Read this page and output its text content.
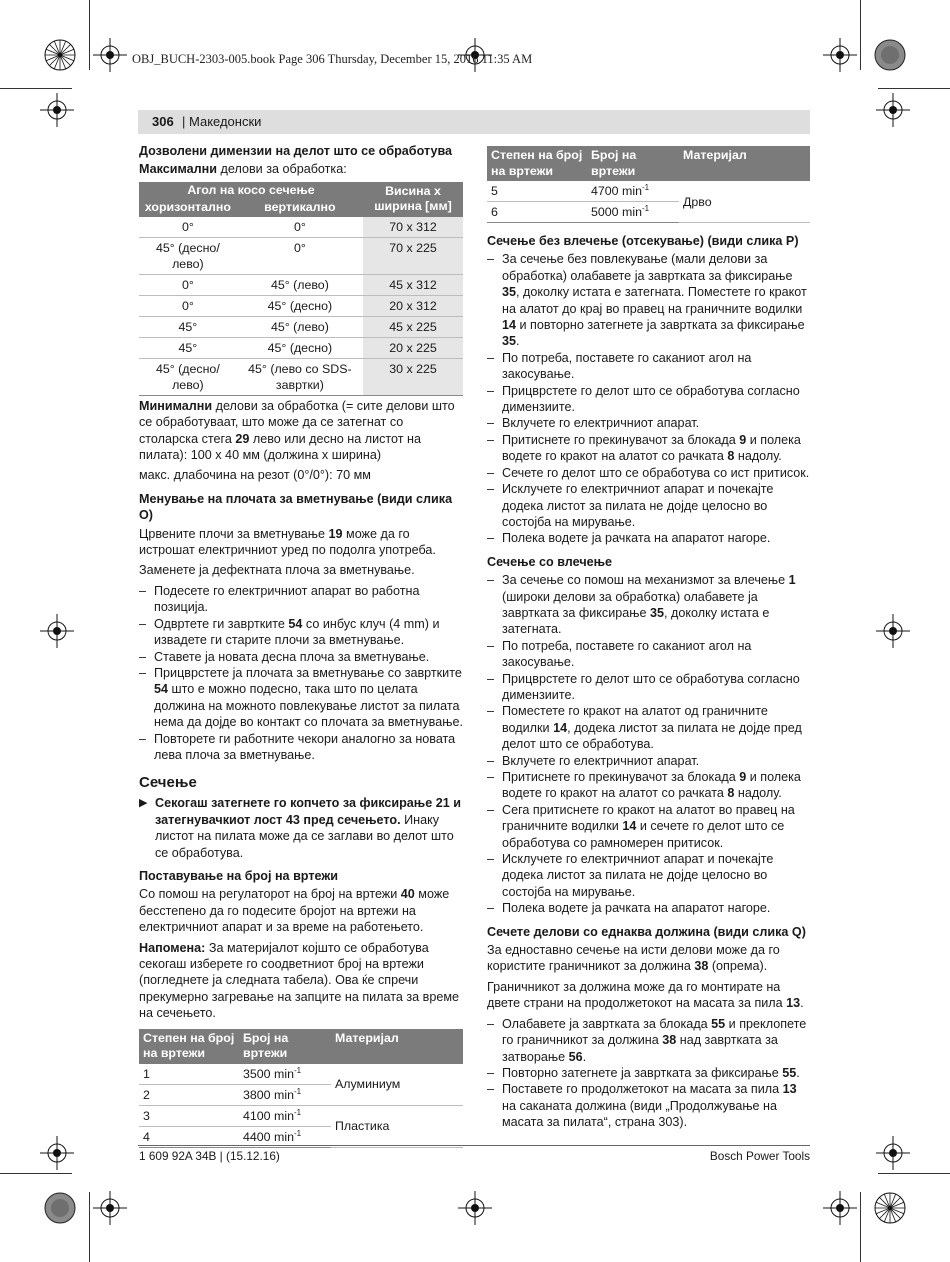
OBJ_BUCH-2303-005.book Page 306 Thursday, December 15, 2016 11:35 AM
306 | Македонски
Дозволени димензии на делот што се обработува

Максимални делови за обработка:

Агол на косо сечење		Висина x ширина [мм]
хоризонтално	вертикално	
0°	0°	70 x 312
45° (десно/лево)	0°	70 x 225
0°	45° (лево)	45 x 312
0°	45° (десно)	20 x 312
45°	45° (лево)	45 x 225
45°	45° (десно)	20 x 225
45° (десно/лево)	45° (лево со SDS-завртки)	30 x 225

Минимални делови за обработка (= сите делови што се обработуваат, што може да се затегнат со столарска стега 29 лево или десно на листот на пилата): 100 x 40 мм (должина x ширина)

макс. длабочина на резот (0°/0°): 70 мм

Менување на плочата за вметнување (види слика O)

Црвените плочи за вметнување 19 може да го истрошат електричниот уред по подолга употреба.

Заменете ја дефектната плоча за вметнување.

– Подесете го електричниот апарат во работна позиција.
– Одвртете ги завртките 54 со инбус клуч (4 mm) и извадете ги старите плочи за вметнување.
– Ставете ја новата десна плоча за вметнување.
– Прицврстете ја плочата за вметнување со завртките 54 што е можно подесно, така што по целата должина на можното повлекување листот за пилата нема да дојде во контакт со плочата за вметнување.
– Повторете ги работните чекори аналогно за новата лева плоча за вметнување.
Сечење
▶ Секогаш затегнете го копчето за фиксирање 21 и затегнувачкиот лост 43 пред сечењето. Инаку листот на пилата може да се заглави во делот што се обработува.
Поставување на број на вртежи

Со помош на регулаторот на број на вртежи 40 може бесстепено да го подесите бројот на вртежи на електричниот апарат и за време на работењето.

Напомена: За материјалот којшто се обработува секогаш изберете го соодветниот број на вртежи (погледнете ја следната табела). Ова ќе спречи прекумерно загревање на запците на пилата за време на сечењето.

Степен на број на вртежи	Број на вртежи	Материјал
1	3500 $\min^{-1}$	Алуминиум
2	3800 $\min^{-1}$
3	4100 $\min^{-1}$	Пластика
4	4400 $\min^{-1}$
Степен на број на вртежи	Број на вртежи	Материјал
5	4700 $\min^{-1}$	Дрво
6	5000 $\min^{-1}$
Сечење без влечење (отсекување) (види слика P)
– За сечење без повлекување (мали делови за обработка) олабавете ја завртката за фиксирање 35, доколку истата е затегната. Поместете го кракот на алатот до крај во правец на граничните водилки 14 и повторно затегнете ја завртката за фиксирање 35.
– По потреба, поставете го саканиот агол на закосување.
– Прицврстете го делот што се обработува согласно димензиите.
– Вклучете го електричниот апарат.
– Притиснете го прекинувачот за блокада 9 и полека водете го кракот на алатот со рачката 8 надолу.
– Сечете го делот што се обработува со ист притисок.
– Исклучете го електричниот апарат и почекајте додека листот за пилата не дојде целосно во состојба на мирување.
– Полека водете ја рачката на апаратот нагоре.
Сечење со влечење
– За сечење со помош на механизмот за влечење 1 (широки делови за обработка) олабавете ја завртката за фиксирање 35, доколку истата е затегната.
– По потреба, поставете го саканиот агол на закосување.
– Прицврстете го делот што се обработува согласно димензиите.
– Поместете го кракот на алатот од граничните водилки 14, додека листот за пилата не дојде пред делот што се обработува.
– Вклучете го електричниот апарат.
– Притиснете го прекинувачот за блокада 9 и полека водете го кракот на алатот со рачката 8 надолу.
– Сега притиснете го кракот на алатот во правец на граничните водилки 14 и сечете го делот што се обработува со рамномерен притисок.
– Исклучете го електричниот апарат и почекајте додека листот за пилата не дојде целосно во состојба на мирување.
– Полека водете ја рачката на апаратот нагоре.
Сечете делови со еднаква должина (види слика Q)

За едноставно сечење на исти делови може да го користите граничникот за должина 38 (опрема).

Граничникот за должина може да го монтирате на двете страни на продолжетокот на масата за пила 13.

– Олабавете ја завртката за блокада 55 и преклопете го граничникот за должина 38 над завртката за затворање 56.
– Повторно затегнете ја завртката за фиксирање 55.
– Поставете го продолжетокот на масата за пила 13 на саканата должина (види „Продолжување на масата за пилата“, страна 303).
1 609 92A 34B | (15.12.16)	Bosch Power Tools
